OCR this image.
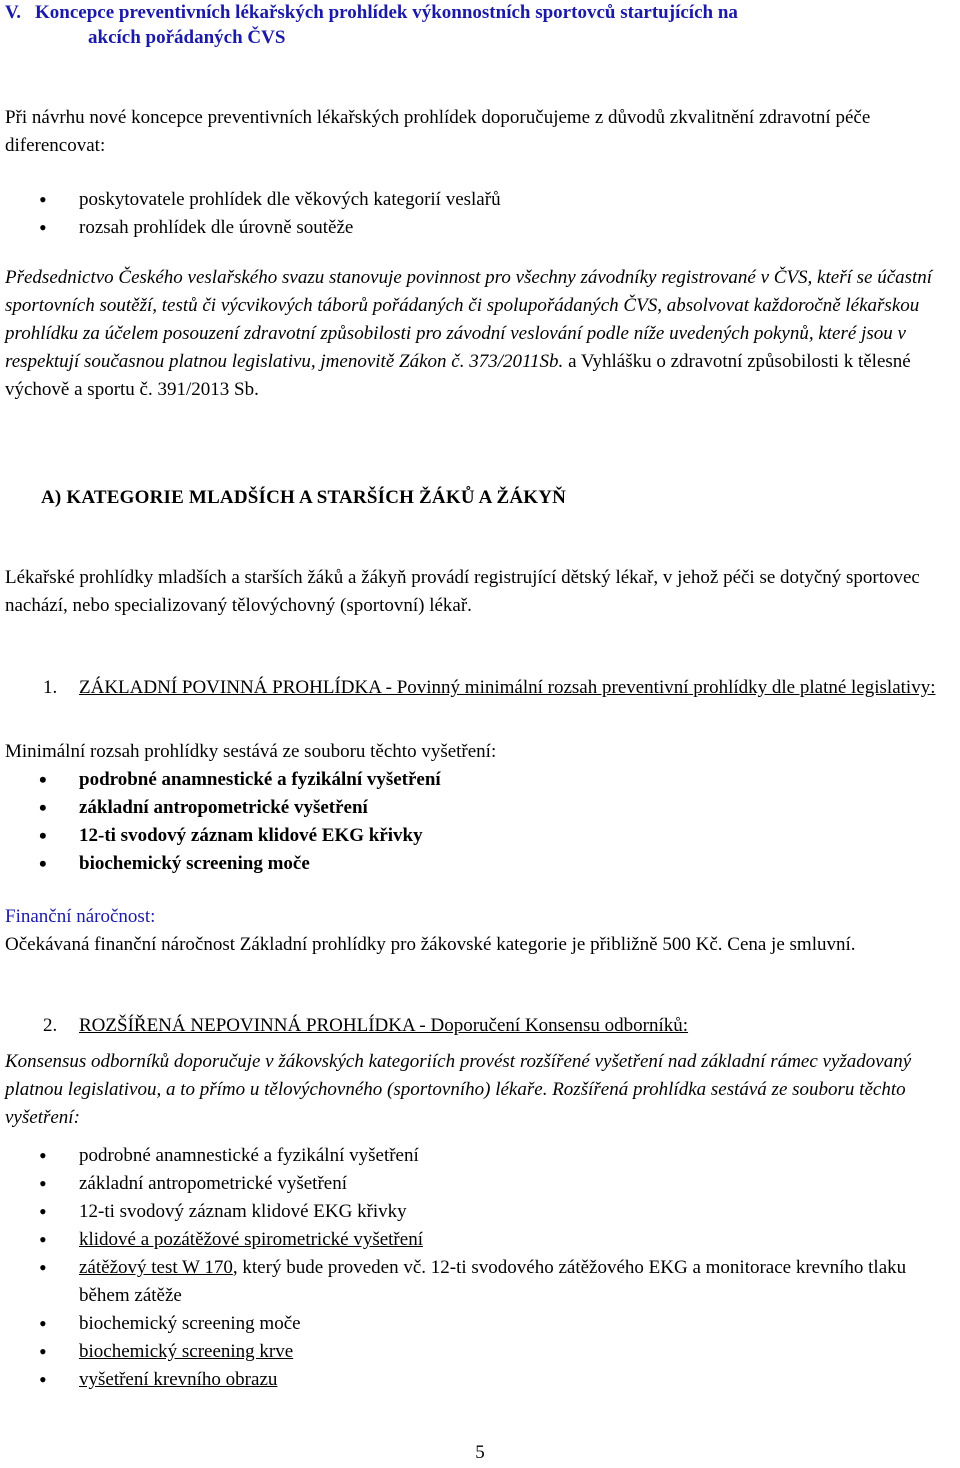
V. Koncepce preventivních lékařských prohlídek výkonnostních sportovců startujících na
akcích pořádaných ČVS
Při návrhu nové koncepce preventivních lékařských prohlídek doporučujeme z důvodů zkvalitnění zdravotní péče diferencovat:
• poskytovatele prohlídek dle věkových kategorií veslařů
• rozsah prohlídek dle úrovně soutěže
Předsednictvo Českého veslařského svazu stanovuje povinnost pro všechny závodníky registrované v ČVS, kteří se účastní sportovních soutěží, testů či výcvikových táborů pořádaných či spolupořádaných ČVS, absolvovat každoročně lékařskou prohlídku za účelem posouzení zdravotní způsobilosti pro závodní veslování podle níže uvedených pokynů, které jsou v respektují současnou platnou legislativu, jmenovitě Zákon č. 373/2011Sb. a Vyhlášku o zdravotní způsobilosti k tělesné výchově a sportu č. 391/2013 Sb.
A) KATEGORIE MLADŠÍCH A STARŠÍCH ŽÁKŮ A ŽÁKYŇ
Lékařské prohlídky mladších a starších žáků a žákyň provádí registrující dětský lékař, v jehož péči se dotyčný sportovec nachází, nebo specializovaný tělovýchovný (sportovní) lékař.
1. ZÁKLADNÍ POVINNÁ PROHLÍDKA - Povinný minimální rozsah preventivní prohlídky dle platné legislativy:
Minimální rozsah prohlídky sestává ze souboru těchto vyšetření:
• podrobné anamnestické a fyzikální vyšetření
• základní antropometrické vyšetření
• 12-ti svodový záznam klidové EKG křivky
• biochemický screening moče
Finanční náročnost:
Očekávaná finanční náročnost Základní prohlídky pro žákovské kategorie je přibližně 500 Kč. Cena je smluvní.
2. ROZŠÍŘENÁ NEPOVINNÁ PROHLÍDKA - Doporučení Konsensu odborníků:
Konsensus odborníků doporučuje v žákovských kategoriích provést rozšířené vyšetření nad základní rámec vyžadovaný platnou legislativou, a to přímo u tělovýchovného (sportovního) lékaře. Rozšířená prohlídka sestává ze souboru těchto vyšetření:
• podrobné anamnestické a fyzikální vyšetření
• základní antropometrické vyšetření
• 12-ti svodový záznam klidové EKG křivky
• klidové a pozátěžové spirometrické vyšetření
• zátěžový test W 170, který bude proveden vč. 12-ti svodového zátěžového EKG a monitorace krevního tlaku během zátěže
• biochemický screening moče
• biochemický screening krve
• vyšetření krevního obrazu
5
